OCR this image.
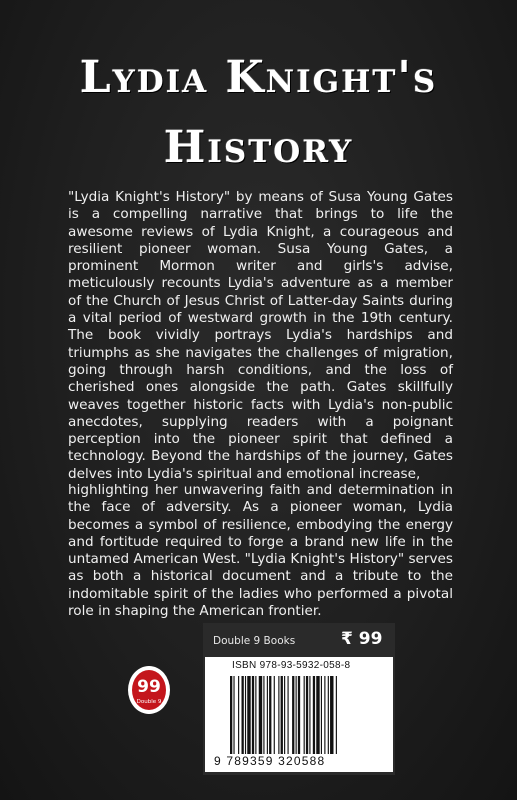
Lydia Knight's
History

"Lydia Knight's History" by means of Susa Young Gates is a compelling narrative that brings to life the awesome reviews of Lydia Knight, a courageous and resilient pioneer woman. Susa Young Gates, a prominent Mormon writer and girls's advise, meticulously recounts Lydia's adventure as a member of the Church of Jesus Christ of Latter-day Saints during a vital period of westward growth in the 19th century. The book vividly portrays Lydia's hardships and triumphs as she navigates the challenges of migration, going through harsh conditions, and the loss of cherished ones alongside the path. Gates skillfully weaves together historic facts with Lydia's non-public anecdotes, supplying readers with a poignant perception into the pioneer spirit that defined a technology. Beyond the hardships of the journey, Gates delves into Lydia's spiritual and emotional increase,

highlighting her unwavering faith and determination in the face of adversity. As a pioneer woman, Lydia becomes a symbol of resilience, embodying the energy and fortitude required to forge a brand new life in the untamed American West. "Lydia Knight's History" serves as both a historical document and a tribute to the indomitable spirit of the ladies who performed a pivotal role in shaping the American frontier.

99
Double 9
Double 9 Books	₹ 99
ISBN 978-93-5932-058-8
9 789359 320588
